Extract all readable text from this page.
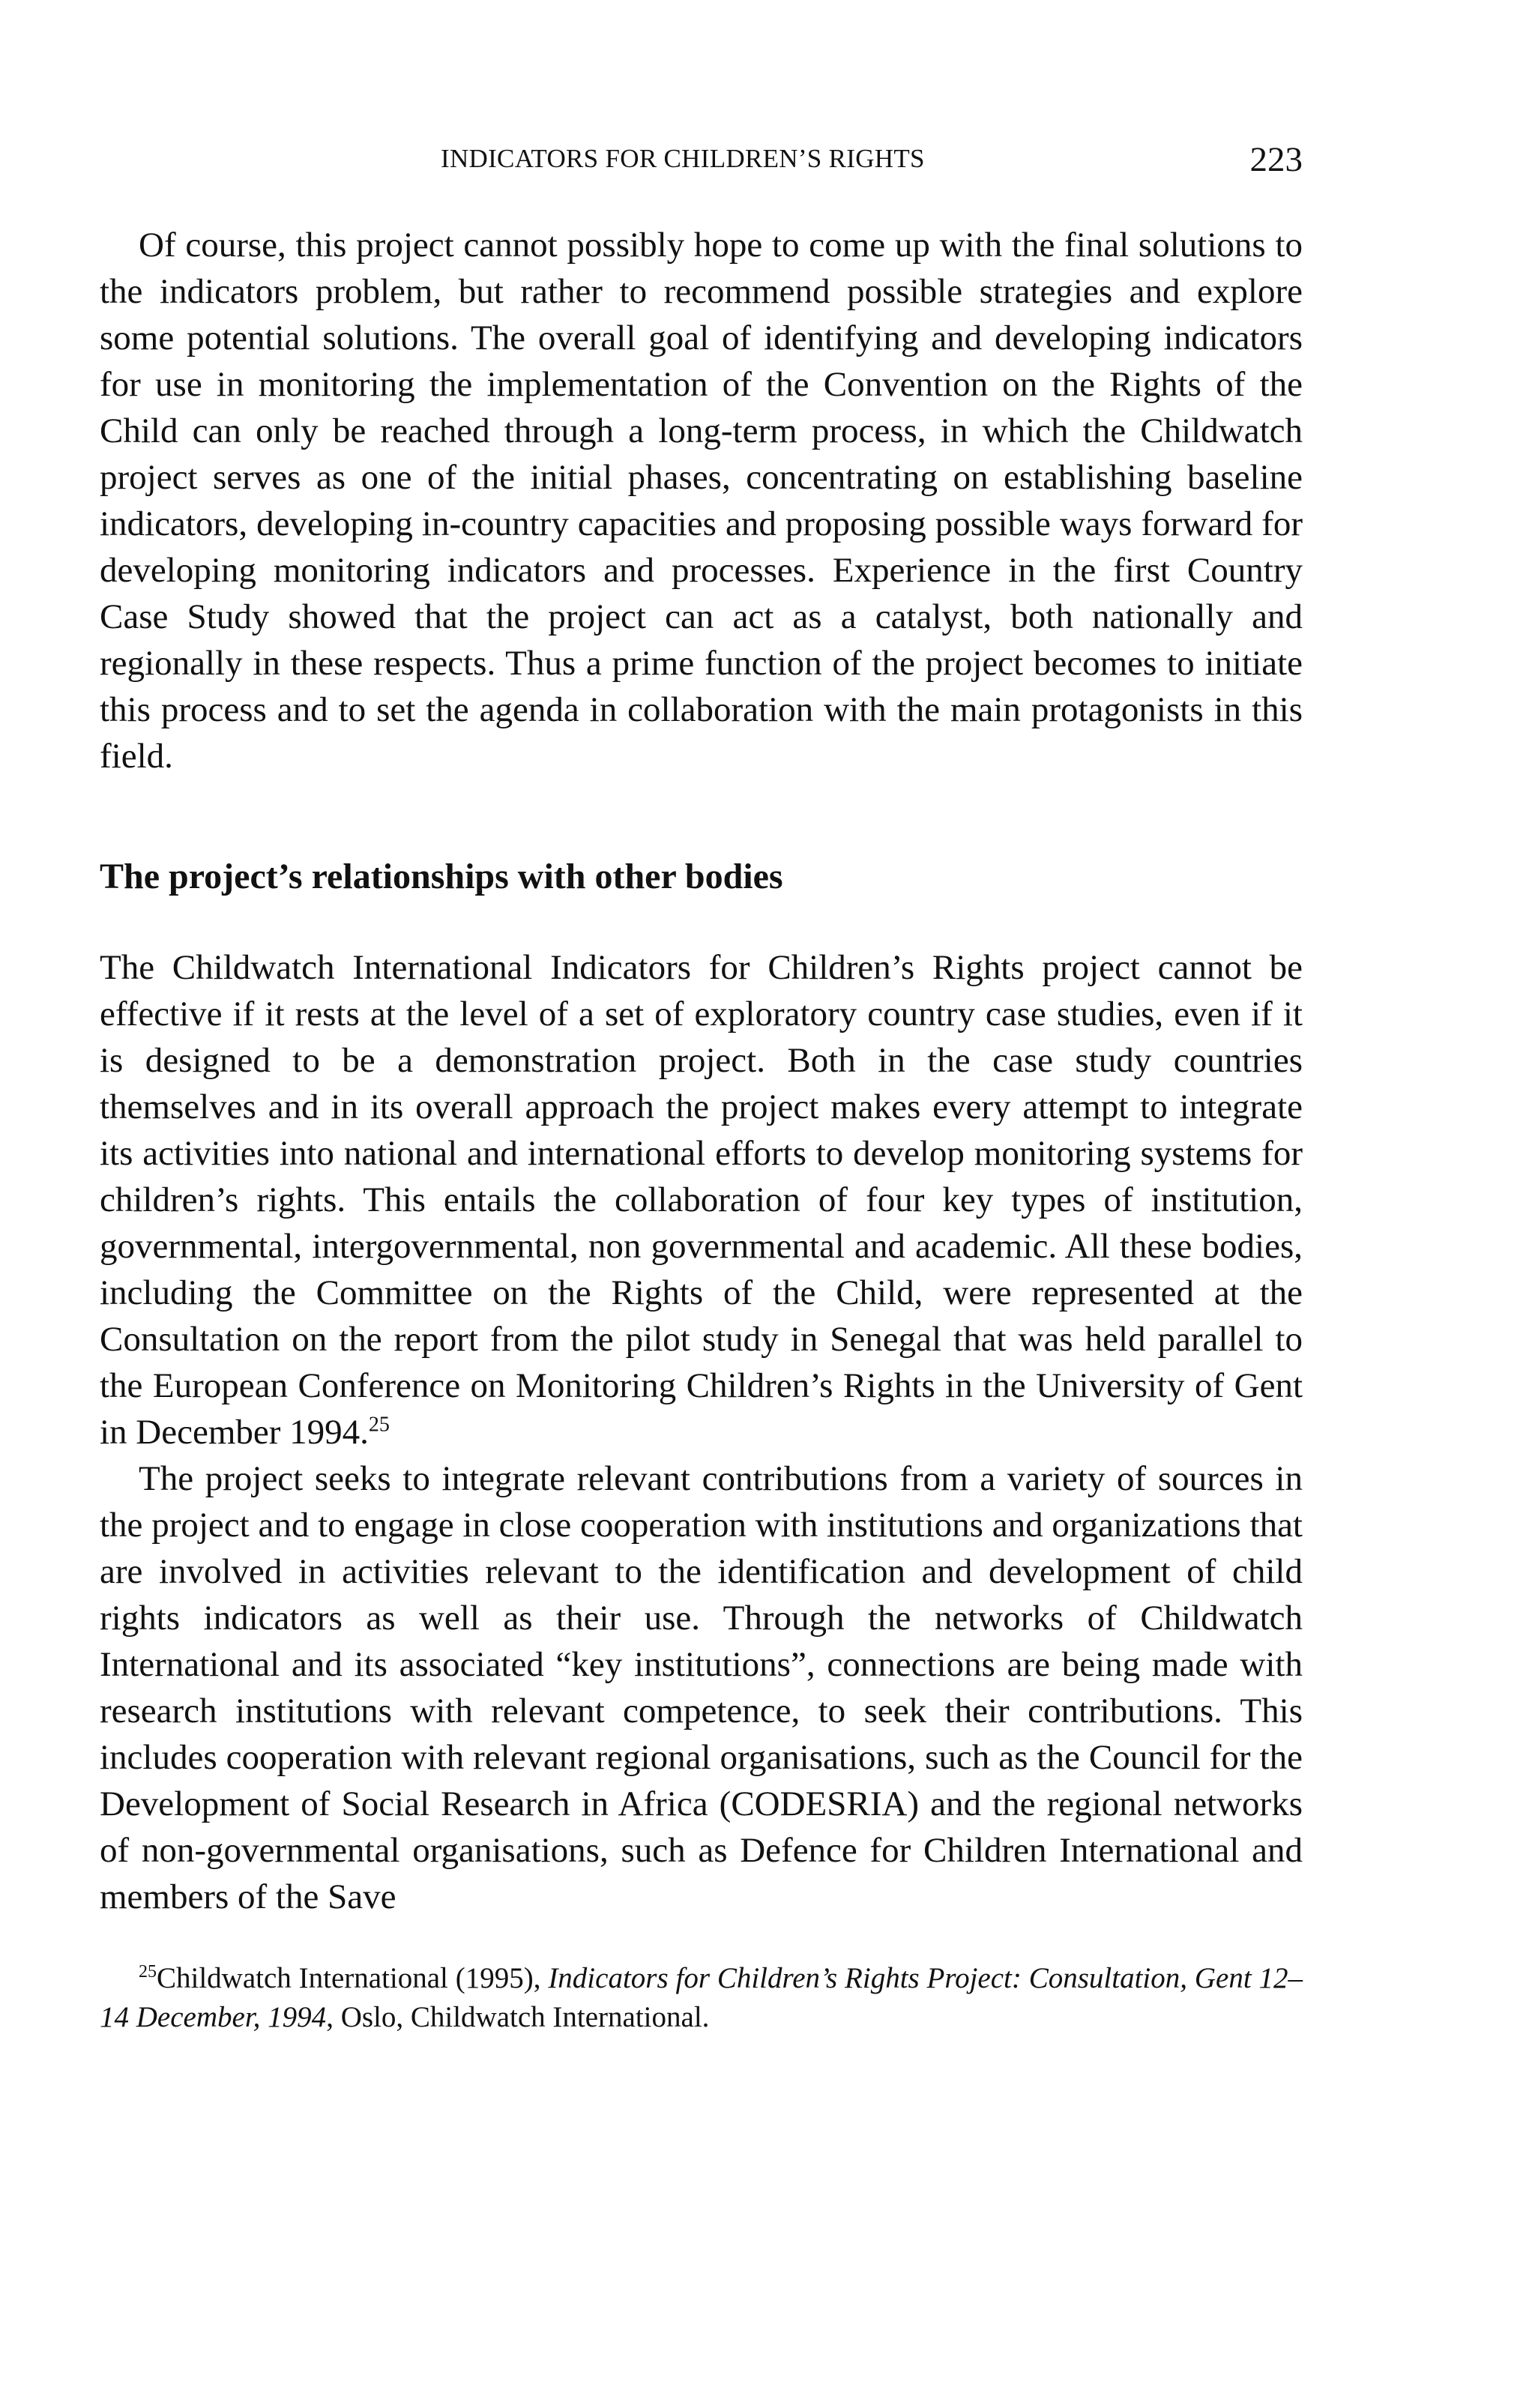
INDICATORS FOR CHILDREN’S RIGHTS	223

Of course, this project cannot possibly hope to come up with the final solutions to the indicators problem, but rather to recommend possible strategies and explore some potential solutions. The overall goal of identifying and developing indicators for use in monitoring the implementation of the Convention on the Rights of the Child can only be reached through a long-term process, in which the Childwatch project serves as one of the initial phases, concentrating on establishing baseline indicators, developing in-country capacities and proposing possible ways forward for developing monitoring indicators and processes. Experience in the first Country Case Study showed that the project can act as a catalyst, both nationally and regionally in these respects. Thus a prime function of the project becomes to initiate this process and to set the agenda in collaboration with the main protagonists in this field.

The project’s relationships with other bodies

The Childwatch International Indicators for Children’s Rights project cannot be effective if it rests at the level of a set of exploratory country case studies, even if it is designed to be a demonstration project. Both in the case study countries themselves and in its overall approach the project makes every attempt to integrate its activities into national and international efforts to develop monitoring systems for children’s rights. This entails the collaboration of four key types of institution, governmental, intergovernmental, non governmental and academic. All these bodies, including the Committee on the Rights of the Child, were represented at the Consultation on the report from the pilot study in Senegal that was held parallel to the European Conference on Monitoring Children’s Rights in the University of Gent in December 1994.25

The project seeks to integrate relevant contributions from a variety of sources in the project and to engage in close cooperation with institutions and organizations that are involved in activities relevant to the identification and development of child rights indicators as well as their use. Through the networks of Childwatch International and its associated “key institutions”, connections are being made with research institutions with relevant competence, to seek their contributions. This includes cooperation with relevant regional organisations, such as the Council for the Development of Social Research in Africa (CODESRIA) and the regional networks of non-governmental organisations, such as Defence for Children International and members of the Save

$^{25}$Childwatch International (1995), Indicators for Children’s Rights Project: Consultation, Gent 12–14 December, 1994, Oslo, Childwatch International.
